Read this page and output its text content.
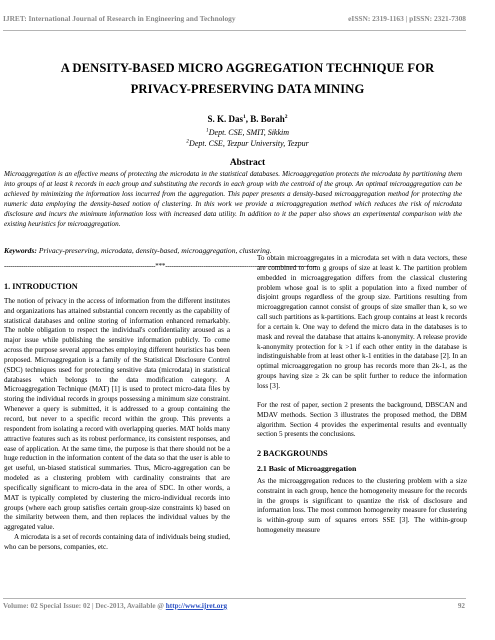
IJRET: International Journal of Research in Engineering and Technology	eISSN: 2319-1163 | pISSN: 2321-7308
A DENSITY-BASED MICRO AGGREGATION TECHNIQUE FOR
PRIVACY-PRESERVING DATA MINING
S. K. Das$^1$, B. Borah$^2$
$^1$Dept. CSE, SMIT, Sikkim
$^2$Dept. CSE, Tezpur University, Tezpur
Abstract
Microaggregation is an effective means of protecting the microdata in the statistical databases. Microaggregation protects the microdata by partitioning them into groups of at least k records in each group and substituting the records in each group with the centroid of the group. An optimal microaggregation can be achieved by minimizing the information loss incurred from the aggregation. This paper presents a density-based microaggregation method for protecting the numeric data employing the density-based notion of clustering. In this work we provide a microaggregation method which reduces the risk of microdata disclosure and incurs the minimum information loss with increased data utility. In addition to it the paper also shows an experimental comparison with the existing heuristics for microaggregation.
Keywords: Privacy-preserving, microdata, density-based, microaggregation, clustering.
-----------------------------------------------------------------------***-----------------------------------------------------------------------
1. INTRODUCTION
The notion of privacy in the access of information from the different institutes and organizations has attained substantial concern recently as the capability of statistical databases and online storing of information enhanced remarkably. The noble obligation to respect the individual's confidentiality aroused as a major issue while publishing the sensitive information publicly. To come across the purpose several approaches employing different heuristics has been proposed. Microaggregation is a family of the Statistical Disclosure Control (SDC) techniques used for protecting sensitive data (microdata) in statistical databases which belongs to the data modification category. A Microaggregation Technique (MAT) [1] is used to protect micro-data files by storing the individual records in groups possessing a minimum size constraint. Whenever a query is submitted, it is addressed to a group containing the record, but never to a specific record within the group. This prevents a respondent from isolating a record with overlapping queries. MAT holds many attractive features such as its robust performance, its consistent responses, and ease of application. At the same time, the purpose is that there should not be a huge reduction in the information content of the data so that the user is able to get useful, un-biased statistical summaries. Thus, Micro-aggregation can be modeled as a clustering problem with cardinality constraints that are specifically significant to micro-data in the area of SDC. In other words, a MAT is typically completed by clustering the micro-individual records into groups (where each group satisfies certain group-size constraints k) based on the similarity between them, and then replaces the individual values by the aggregated value.
A microdata is a set of records containing data of individuals being studied, who can be persons, companies, etc.
To obtain microaggregates in a microdata set with n data vectors, these are combined to form g groups of size at least k. The partition problem embedded in microaggregation differs from the classical clustering problem whose goal is to split a population into a fixed number of disjoint groups regardless of the group size. Partitions resulting from microaggregation cannot consist of groups of size smaller than k, so we call such partitions as k-partitions. Each group contains at least k records for a certain k. One way to defend the micro data in the databases is to mask and reveal the database that attains k-anonymity. A release provide k-anonymity protection for k >1 if each other entity in the database is indistinguishable from at least other k-1 entities in the database [2]. In an optimal microaggregation no group has records more than 2k-1, as the groups having size ≥ 2k can be split further to reduce the information loss [3].
For the rest of paper, section 2 presents the background, DBSCAN and MDAV methods. Section 3 illustrates the proposed method, the DBM algorithm. Section 4 provides the experimental results and eventually section 5 presents the conclusions.
2 BACKGROUNDS
2.1 Basic of Microaggregation
As the microaggregation reduces to the clustering problem with a size constraint in each group, hence the homogeneity measure for the records in the groups is significant to quantize the risk of disclosure and information loss. The most common homogeneity measure for clustering is within-group sum of squares errors SSE [3]. The within-group homogeneity measure
Volume: 02 Special Issue: 02 | Dec-2013, Available @ http://www.ijret.org	92
